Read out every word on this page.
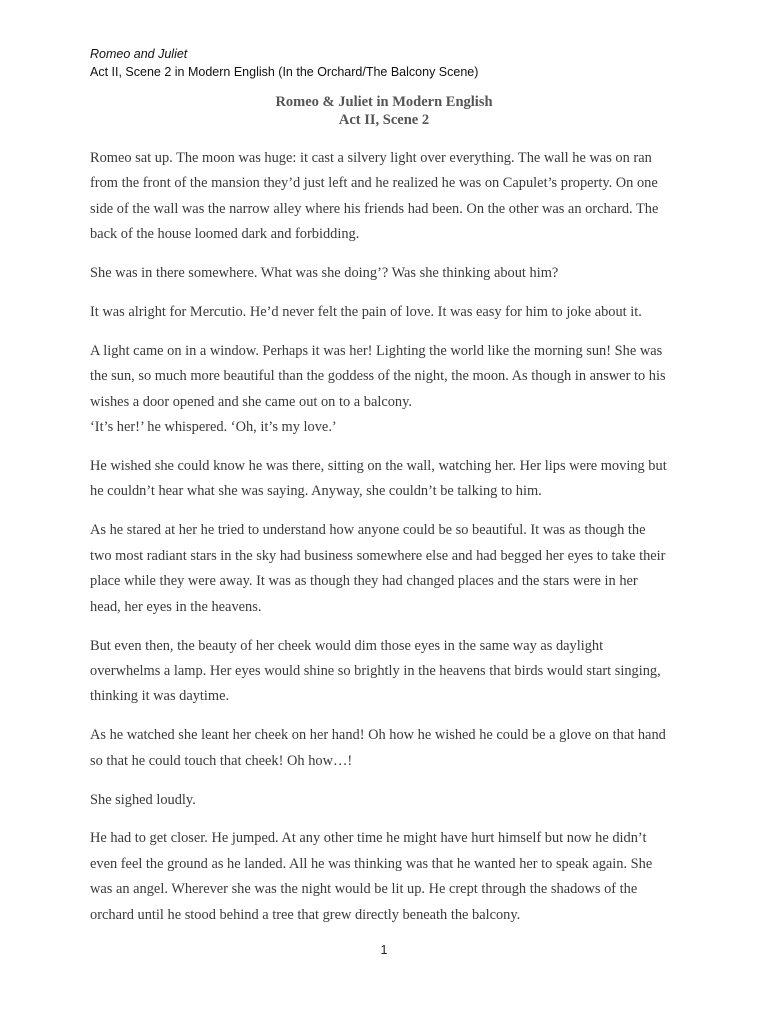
Romeo and Juliet
Act II, Scene 2 in Modern English (In the Orchard/The Balcony Scene)
Romeo & Juliet in Modern English
Act II, Scene 2

Romeo sat up. The moon was huge: it cast a silvery light over everything. The wall he was on ran from the front of the mansion they’d just left and he realized he was on Capulet’s property. On one side of the wall was the narrow alley where his friends had been. On the other was an orchard. The back of the house loomed dark and forbidding.

She was in there somewhere. What was she doing’? Was she thinking about him?

It was alright for Mercutio. He’d never felt the pain of love. It was easy for him to joke about it.

A light came on in a window. Perhaps it was her! Lighting the world like the morning sun! She was the sun, so much more beautiful than the goddess of the night, the moon. As though in answer to his wishes a door opened and she came out on to a balcony.
‘It’s her!’ he whispered. ‘Oh, it’s my love.’

He wished she could know he was there, sitting on the wall, watching her. Her lips were moving but he couldn’t hear what she was saying. Anyway, she couldn’t be talking to him.

As he stared at her he tried to understand how anyone could be so beautiful. It was as though the two most radiant stars in the sky had business somewhere else and had begged her eyes to take their place while they were away. It was as though they had changed places and the stars were in her head, her eyes in the heavens.

But even then, the beauty of her cheek would dim those eyes in the same way as daylight overwhelms a lamp. Her eyes would shine so brightly in the heavens that birds would start singing, thinking it was daytime.

As he watched she leant her cheek on her hand! Oh how he wished he could be a glove on that hand so that he could touch that cheek! Oh how…!

She sighed loudly.

He had to get closer. He jumped. At any other time he might have hurt himself but now he didn’t even feel the ground as he landed. All he was thinking was that he wanted her to speak again. She was an angel. Wherever she was the night would be lit up. He crept through the shadows of the orchard until he stood behind a tree that grew directly beneath the balcony.

1
